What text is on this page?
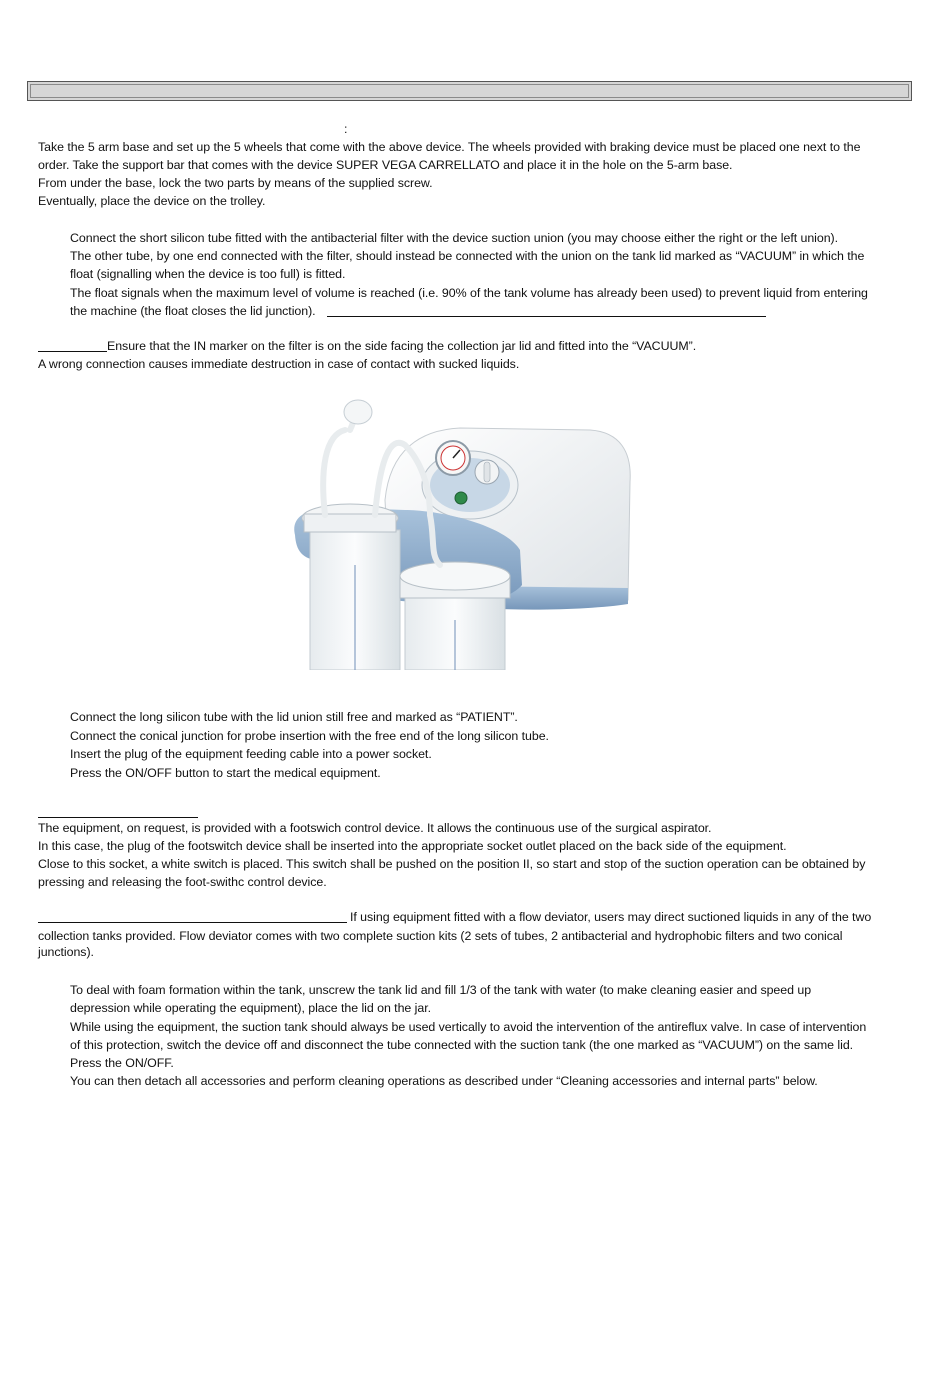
:
Take the 5 arm base and set up the 5 wheels that come with the above device. The wheels provided with braking device must be placed one next to the
order. Take the support bar that comes with the device SUPER VEGA CARRELLATO and place it in the hole on the 5-arm base.
From under the base, lock the two parts by means of the supplied screw.
Eventually, place the device on the trolley.
Connect the short silicon tube fitted with the antibacterial filter with the device suction union (you may choose either the right or the left union).
The other tube, by one end connected with the filter, should instead be connected with the union on the tank lid marked as “VACUUM” in which the
float (signalling when the device is too full) is fitted.
The float signals when the maximum level of volume is reached (i.e. 90% of the tank volume has already been used) to prevent liquid from entering
the machine (the float closes the lid junction).
Ensure that the IN marker on the filter is on the side facing the collection jar lid and fitted into the “VACUUM”.
A wrong connection causes immediate destruction in case of contact with sucked liquids.
Connect the long silicon tube with the lid union still free and marked as “PATIENT”.
Connect the conical junction for probe insertion with the free end of the long silicon tube.
Insert the plug of the equipment feeding cable into a power socket.
Press the ON/OFF button to start the medical equipment.
The equipment, on request, is provided with a footswich control device. It allows the continuous use of the surgical aspirator.
In this case, the plug of the footswitch device shall be inserted into the appropriate socket outlet placed on the back side of the equipment.
Close to this socket, a white switch is placed. This switch shall be pushed on the position II, so start and stop of the suction operation can be obtained by
pressing and releasing the foot-swithc control device.
If using equipment fitted with a flow deviator, users may direct suctioned liquids in any of the two
collection tanks provided. Flow deviator comes with two complete suction kits (2 sets of tubes, 2 antibacterial and hydrophobic filters and two conical
junctions).
To deal with foam formation within the tank, unscrew the tank lid and fill 1/3 of the tank with water (to make cleaning easier and speed up
depression while operating the equipment), place the lid on the jar.
While using the equipment, the suction tank should always be used vertically to avoid the intervention of the antireflux valve. In case of intervention
of this protection, switch the device off and disconnect the tube connected with the suction tank (the one marked as “VACUUM”) on the same lid.
Press the ON/OFF.
You can then detach all accessories and perform cleaning operations as described under “Cleaning accessories and internal parts” below.
